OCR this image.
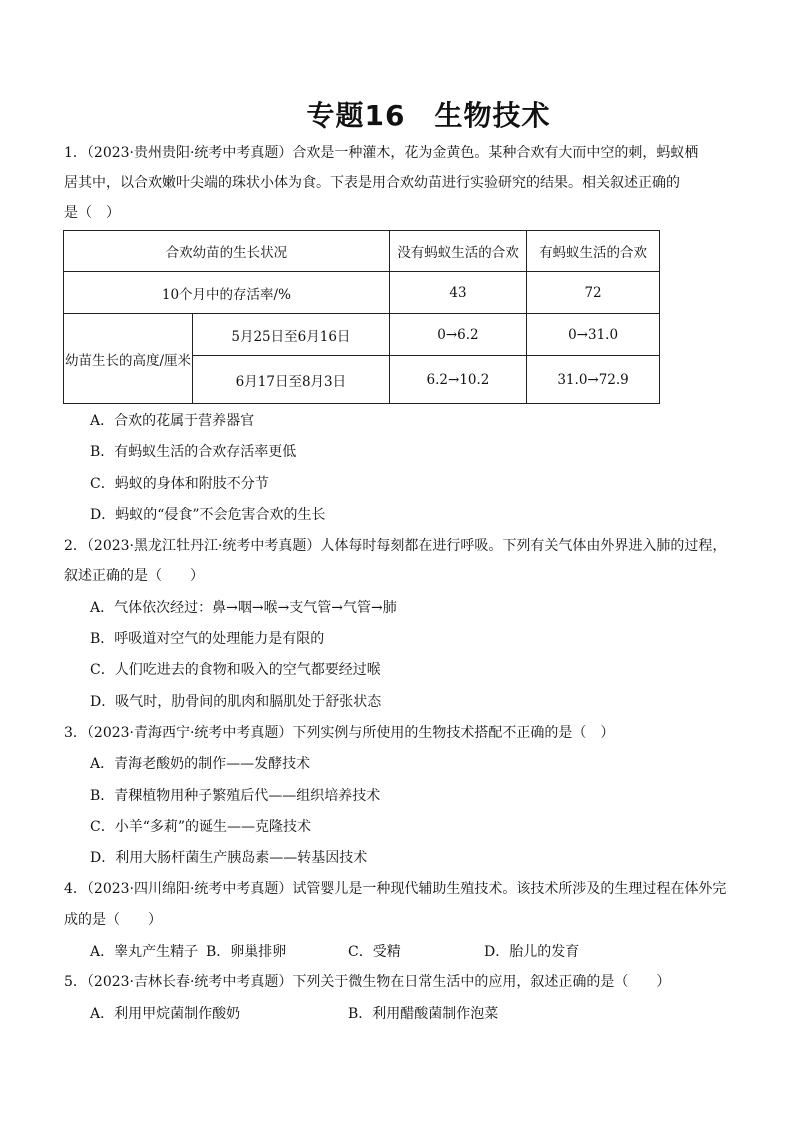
专题16　生物技术
1．（2023·贵州贵阳·统考中考真题）合欢是一种灌木，花为金黄色。某种合欢有大而中空的刺，蚂蚁栖
居其中，以合欢嫩叶尖端的珠状小体为食。下表是用合欢幼苗进行实验研究的结果。相关叙述正确的
是（　）
合欢幼苗的生长状况		没有蚂蚁生活的合欢	有蚂蚁生活的合欢
10个月中的存活率/%		43	72
幼苗生长的高度/厘米	5月25日至6月16日	0→6.2	0→31.0
	6月17日至8月3日	6.2→10.2	31.0→72.9
A．合欢的花属于营养器官
B．有蚂蚁生活的合欢存活率更低
C．蚂蚁的身体和附肢不分节
D．蚂蚁的“侵食”不会危害合欢的生长
2．（2023·黑龙江牡丹江·统考中考真题）人体每时每刻都在进行呼吸。下列有关气体由外界进入肺的过程，
叙述正确的是（　　）
A．气体依次经过：鼻→咽→喉→支气管→气管→肺
B．呼吸道对空气的处理能力是有限的
C．人们吃进去的食物和吸入的空气都要经过喉
D．吸气时，肋骨间的肌肉和膈肌处于舒张状态
3．（2023·青海西宁·统考中考真题）下列实例与所使用的生物技术搭配不正确的是（　）
A．青海老酸奶的制作——发酵技术
B．青稞植物用种子繁殖后代——组织培养技术
C．小羊“多莉”的诞生——克隆技术
D．利用大肠杆菌生产胰岛素——转基因技术
4．（2023·四川绵阳·统考中考真题）试管婴儿是一种现代辅助生殖技术。该技术所涉及的生理过程在体外完
成的是（　　）
A．睾丸产生精子 B．卵巢排卵	C．受精	D．胎儿的发育
5．（2023·吉林长春·统考中考真题）下列关于微生物在日常生活中的应用，叙述正确的是（　　）
A．利用甲烷菌制作酸奶	B．利用醋酸菌制作泡菜
